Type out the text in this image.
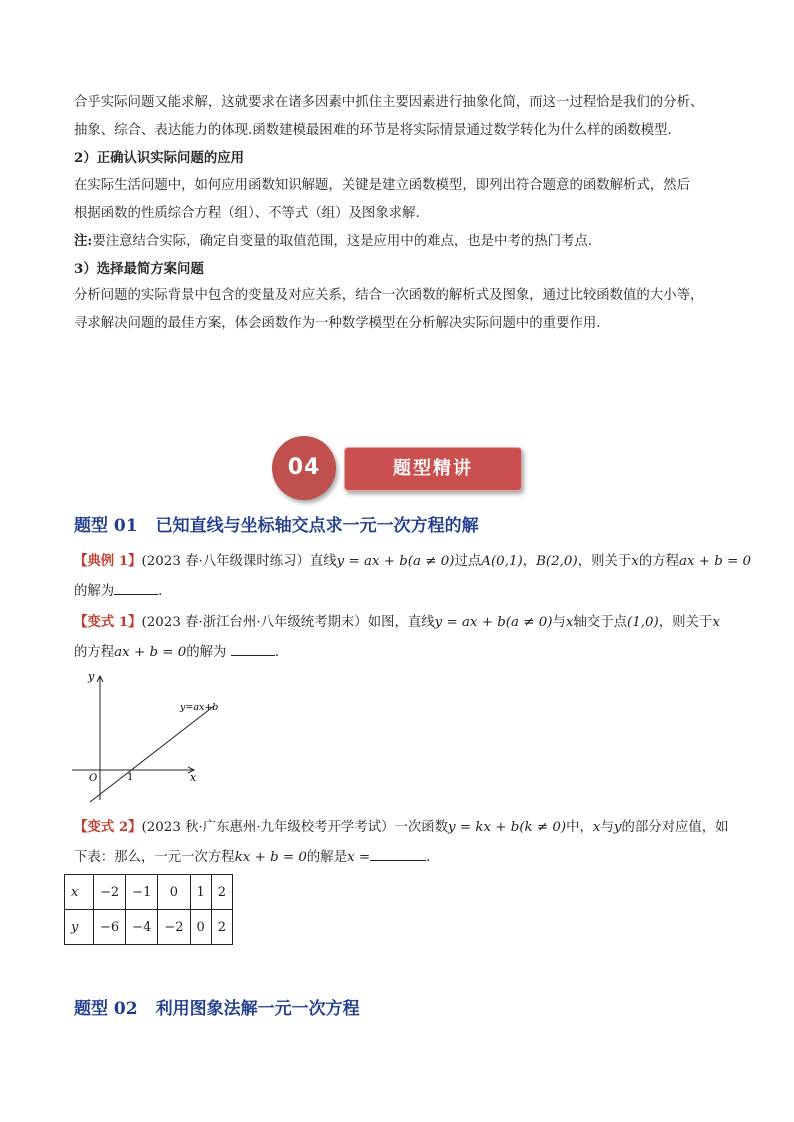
合乎实际问题又能求解，这就要求在诸多因素中抓住主要因素进行抽象化简，而这一过程恰是我们的分析、
抽象、综合、表达能力的体现.函数建模最困难的环节是将实际情景通过数学转化为什么样的函数模型.
2）正确认识实际问题的应用
在实际生活问题中，如何应用函数知识解题，关键是建立函数模型，即列出符合题意的函数解析式，然后
根据函数的性质综合方程（组）、不等式（组）及图象求解.
注:要注意结合实际，确定自变量的取值范围，这是应用中的难点，也是中考的热门考点.
3）选择最简方案问题
分析问题的实际背景中包含的变量及对应关系，结合一次函数的解析式及图象，通过比较函数值的大小等，
寻求解决问题的最佳方案，体会函数作为一种数学模型在分析解决实际问题中的重要作用.
题型精讲
04
题型 01 已知直线与坐标轴交点求一元一次方程的解
【典例 1】(2023 春·八年级课时练习）直线y = ax + b(a ≠ 0)过点A(0,1)，B(2,0)，则关于x的方程ax + b = 0
的解为	.
【变式 1】(2023 春·浙江台州·八年级统考期末）如图，直线y = ax + b(a ≠ 0)与x轴交于点(1,0)，则关于x
的方程ax + b = 0的解为	.
y
x
O	1
y=ax+b
【变式 2】(2023 秋·广东惠州·九年级校考开学考试）一次函数y = kx + b(k ≠ 0)中，x与y的部分对应值，如
下表：那么，一元一次方程kx + b = 0的解是x =	.
x	−2	−1	0	1	2
y	−6	−4	−2	0	2
题型 02 利用图象法解一元一次方程
